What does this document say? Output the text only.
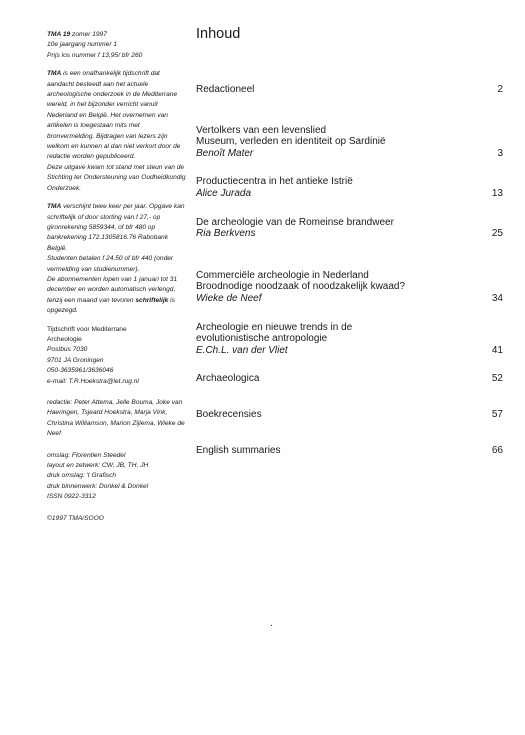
TMA 19 zomer 1997

10e jaargang nummer 1

Prijs los nummer f 13,95/ bfr 260

TMA is een onafhankelijk tijdschrift dat aandacht besteedt aan het actuele archeologische onderzoek in de Mediterrane wereld, in het bijzonder verricht vanuit Nederland en België. Het overnemen van artikelen is toegestaan mits met bronvermelding. Bijdragen van lezers zijn welkom en kunnen al dan niet verkort door de redactie worden gepubliceerd.

Deze uitgave kwam tot stand met steun van de Stichting ter Ondersteuning van Oudheidkundig Onderzoek.

TMA verschijnt twee keer per jaar. Opgave kan schriftelijk of door storting van f 27,- op gironrekening 5859344, of bfr 480 op bankrekening 172.1305816.76 Rabobank België.

Studenten betalen f 24,50 of bfr 440 (onder vermelding van studienummer).

De abonnementen lopen van 1 januari tot 31 december en worden automatisch verlengd, tenzij een maand van tevoren schriftelijk is opgezegd.

Tijdschrift voor Mediterrane

Archeologie

Postbus 7030

9701 JA Groningen

050-3635961/3636046

e-mail: T.R.Hoekstra@let.rug.nl

redactie: Peter Attema, Jelle Bouma, Joke van Haeringen, Tsjeard Hoekstra, Marja Vink, Christina Williamson, Marion Zijlema, Wieke de Neef

omslag: Florentien Steedel

layout en zetwerk: CW, JB, TH, JH

druk omslag: 't Grafisch

druk binnenwerk: Donkel & Donkel

ISSN 0922-3312

©1997 TMA/SOOO

Inhoud
Redactioneel	2
Vertolkers van een levenslied
Museum, verleden en identiteit op Sardinië
Benoît Mater	3
Productiecentra in het antieke Istrië
Alice Jurada	13
De archeologie van de Romeinse brandweer
Ria Berkvens	25
Commerciële archeologie in Nederland
Broodnodige noodzaak of noodzakelijk kwaad?
Wieke de Neef	34
Archeologie en nieuwe trends in de
evolutionistische antropologie
E.Ch.L. van der Vliet	41
Archaeologica	52
Boekrecensies	57
English summaries	66
.
